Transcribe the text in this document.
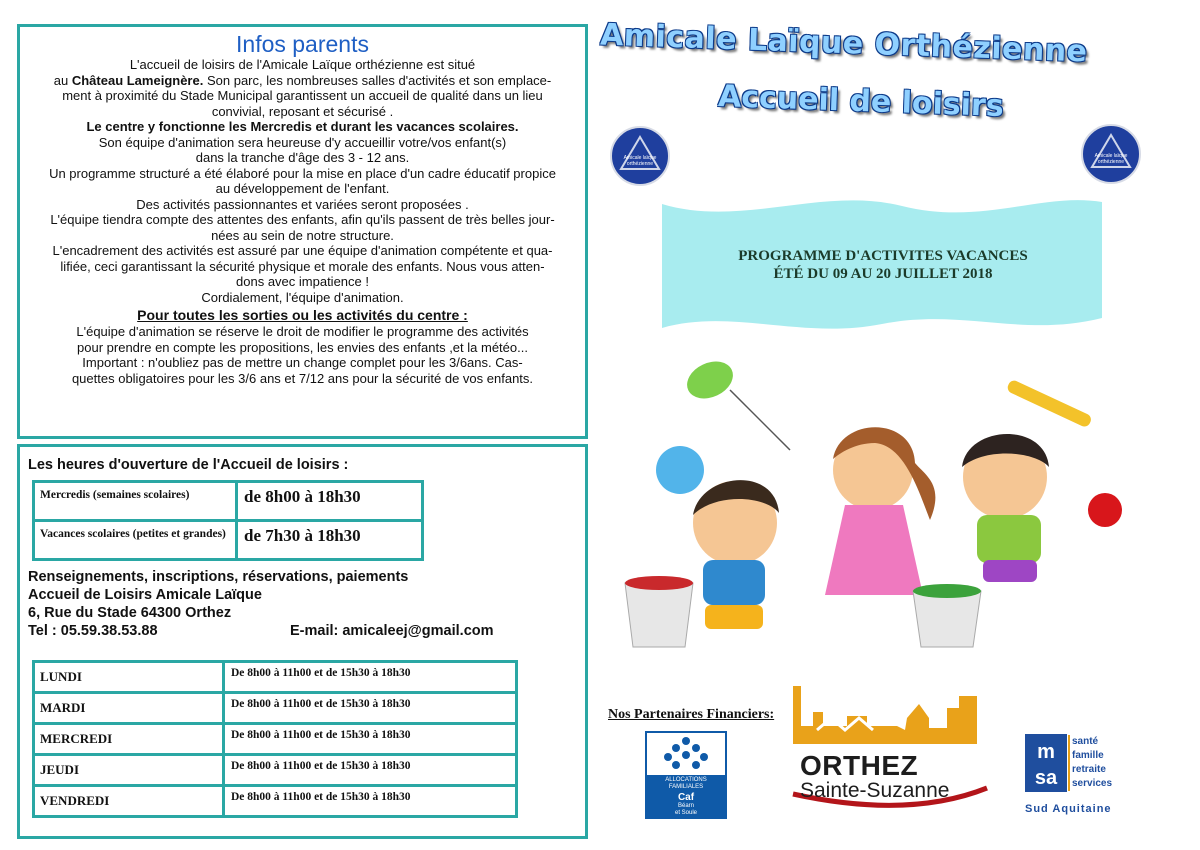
Infos parents
L'accueil de loisirs de l'Amicale Laïque orthézienne est situé
au Château Lameignère. Son parc, les nombreuses salles d'activités et son emplace-
ment à proximité du Stade Municipal garantissent un accueil de qualité dans un lieu
convivial, reposant et sécurisé .
Le centre y fonctionne les Mercredis et durant les vacances scolaires.
Son équipe d'animation sera heureuse d'y accueillir votre/vos enfant(s)
dans la tranche d'âge des 3 - 12 ans.
Un programme structuré a été élaboré pour la mise en place d'un cadre éducatif propice
au développement de l'enfant.
Des activités passionnantes et variées seront proposées .
L'équipe tiendra compte des attentes des enfants, afin qu'ils passent de très belles jour-
nées au sein de notre structure.
L'encadrement des activités est assuré par une équipe d'animation compétente et qua-
lifiée, ceci garantissant la sécurité physique et morale des enfants. Nous vous atten-
dons avec impatience !
Cordialement, l'équipe d'animation.
Pour toutes les sorties ou les activités du centre :
L'équipe d'animation se réserve le droit de modifier le programme des activités
pour prendre en compte les propositions, les envies des enfants ,et la météo...
Important : n'oubliez pas de mettre un change complet pour les 3/6ans. Cas-
quettes obligatoires pour les 3/6 ans et 7/12 ans pour la sécurité de vos enfants.
Les heures d'ouverture de l'Accueil de loisirs :
Mercredis (semaines scolaires)	de 8h00 à 18h30
Vacances scolaires (petites et grandes)	de 7h30 à 18h30
Renseignements, inscriptions, réservations, paiements
Accueil de Loisirs Amicale Laïque
6, Rue du Stade 64300 Orthez
Tel : 05.59.38.53.88	E-mail: amicaleej@gmail.com
LUNDI	De 8h00 à 11h00 et de 15h30 à 18h30
MARDI	De 8h00 à 11h00 et de 15h30 à 18h30
MERCREDI	De 8h00 à 11h00 et de 15h30 à 18h30
JEUDI	De 8h00 à 11h00 et de 15h30 à 18h30
VENDREDI	De 8h00 à 11h00 et de 15h30 à 18h30
Amicale Laïque Orthézienne
Accueil de loisirs
Amicale laïque
orthézienne
Amicale laïque
orthézienne
PROGRAMME D'ACTIVITES VACANCES
ÉTÉ DU 09 AU 20 JUILLET 2018
Nos Partenaires Financiers:
ALLOCATIONS
FAMILIALES
Caf
Béarn
et Soule
ORTHEZ
Sainte-Suzanne
m
sa
santé
famille
retraite
services
Sud Aquitaine
